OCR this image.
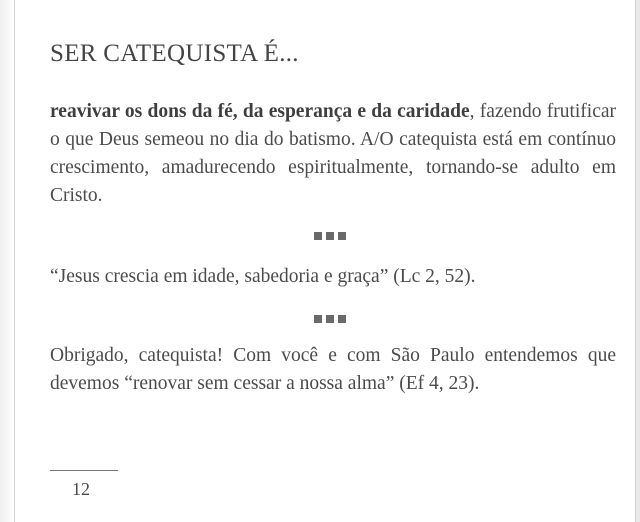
SER CATEQUISTA É...

reavivar os dons da fé, da esperança e da caridade, fazendo frutificar o que Deus semeou no dia do batismo. A/O catequista está em contínuo crescimento, amadurecendo espiritualmente, tornando-se adulto em Cristo.

“Jesus crescia em idade, sabedoria e graça” (Lc 2, 52).

Obrigado, catequista! Com você e com São Paulo entendemos que devemos “renovar sem cessar a nossa alma” (Ef 4, 23).

12
